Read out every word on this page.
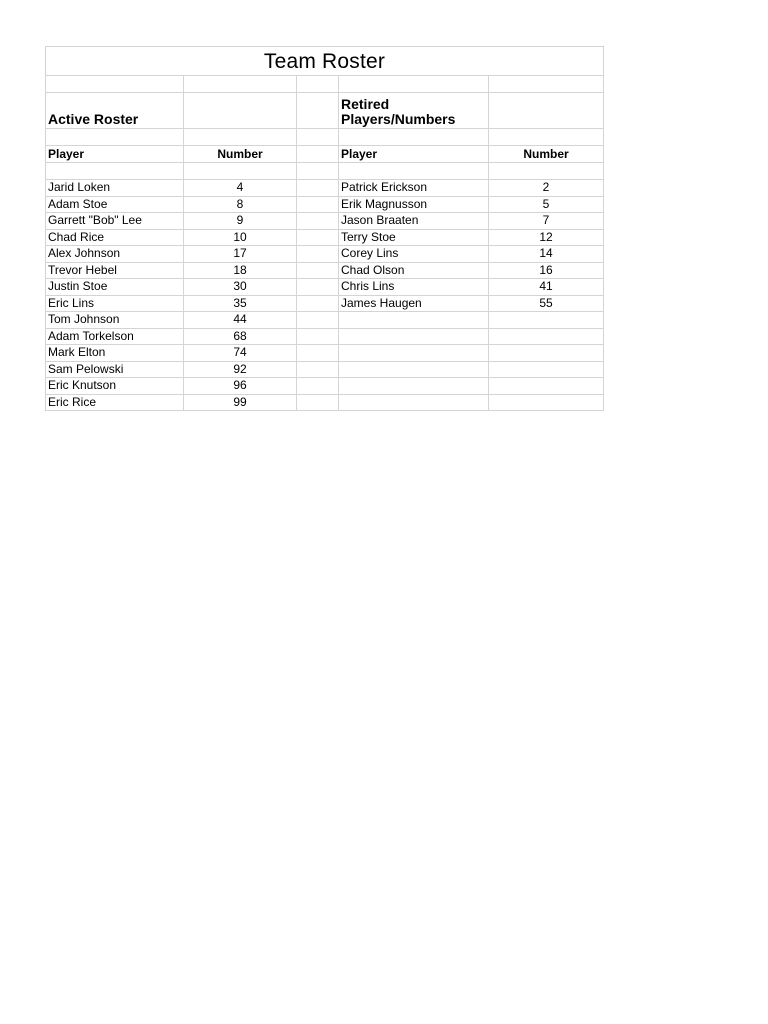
Team Roster				

Active Roster			Retired
Players/Numbers	

Player	Number		Player	Number

Jarid Loken	4		Patrick Erickson	2
Adam Stoe	8		Erik Magnusson	5
Garrett "Bob" Lee	9		Jason Braaten	7
Chad Rice	10		Terry Stoe	12
Alex Johnson	17		Corey Lins	14
Trevor Hebel	18		Chad Olson	16
Justin Stoe	30		Chris Lins	41
Eric Lins	35		James Haugen	55
Tom Johnson	44			
Adam Torkelson	68			
Mark Elton	74			
Sam Pelowski	92			
Eric Knutson	96			
Eric Rice	99			
